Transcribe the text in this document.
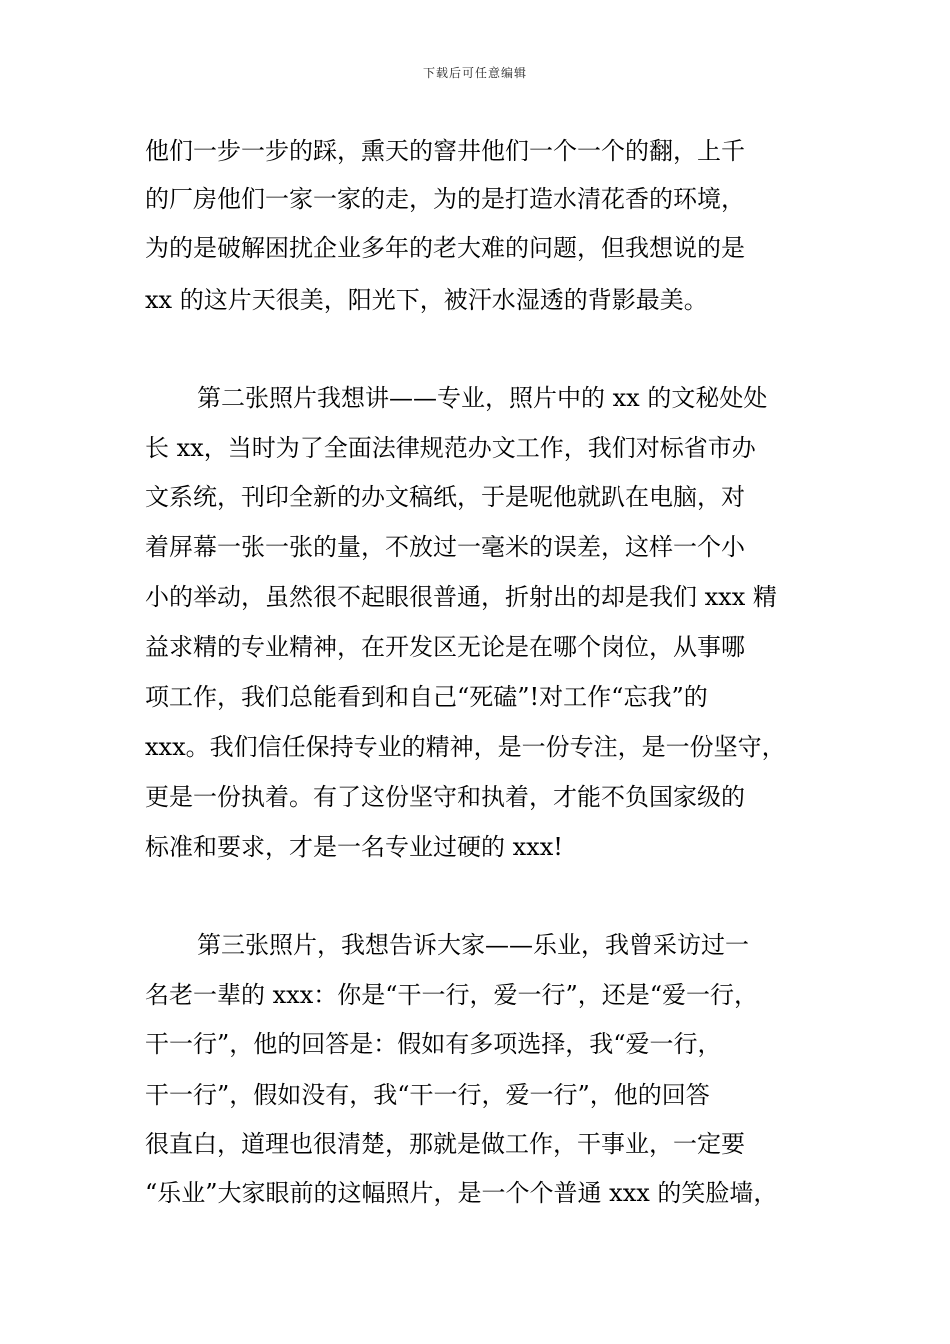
下载后可任意编辑
他们一步一步的踩，熏天的窨井他们一个一个的翻，上千
的厂房他们一家一家的走，为的是打造水清花香的环境，
为的是破解困扰企业多年的老大难的问题，但我想说的是
xx 的这片天很美，阳光下，被汗水湿透的背影最美。
第二张照片我想讲——专业，照片中的 xx 的文秘处处
长 xx，当时为了全面法律规范办文工作，我们对标省市办
文系统，刊印全新的办文稿纸，于是呢他就趴在电脑，对
着屏幕一张一张的量，不放过一毫米的误差，这样一个小
小的举动，虽然很不起眼很普通，折射出的却是我们 xxx 精
益求精的专业精神，在开发区无论是在哪个岗位，从事哪
项工作，我们总能看到和自己“死磕”!对工作“忘我”的
xxx。我们信任保持专业的精神，是一份专注，是一份坚守，
更是一份执着。有了这份坚守和执着，才能不负国家级的
标准和要求，才是一名专业过硬的 xxx!
第三张照片，我想告诉大家——乐业，我曾采访过一
名老一辈的 xxx：你是“干一行，爱一行”，还是“爱一行，
干一行”，他的回答是：假如有多项选择，我“爱一行，
干一行”，假如没有，我“干一行，爱一行”，他的回答
很直白，道理也很清楚，那就是做工作，干事业，一定要
“乐业”大家眼前的这幅照片，是一个个普通 xxx 的笑脸墙，
